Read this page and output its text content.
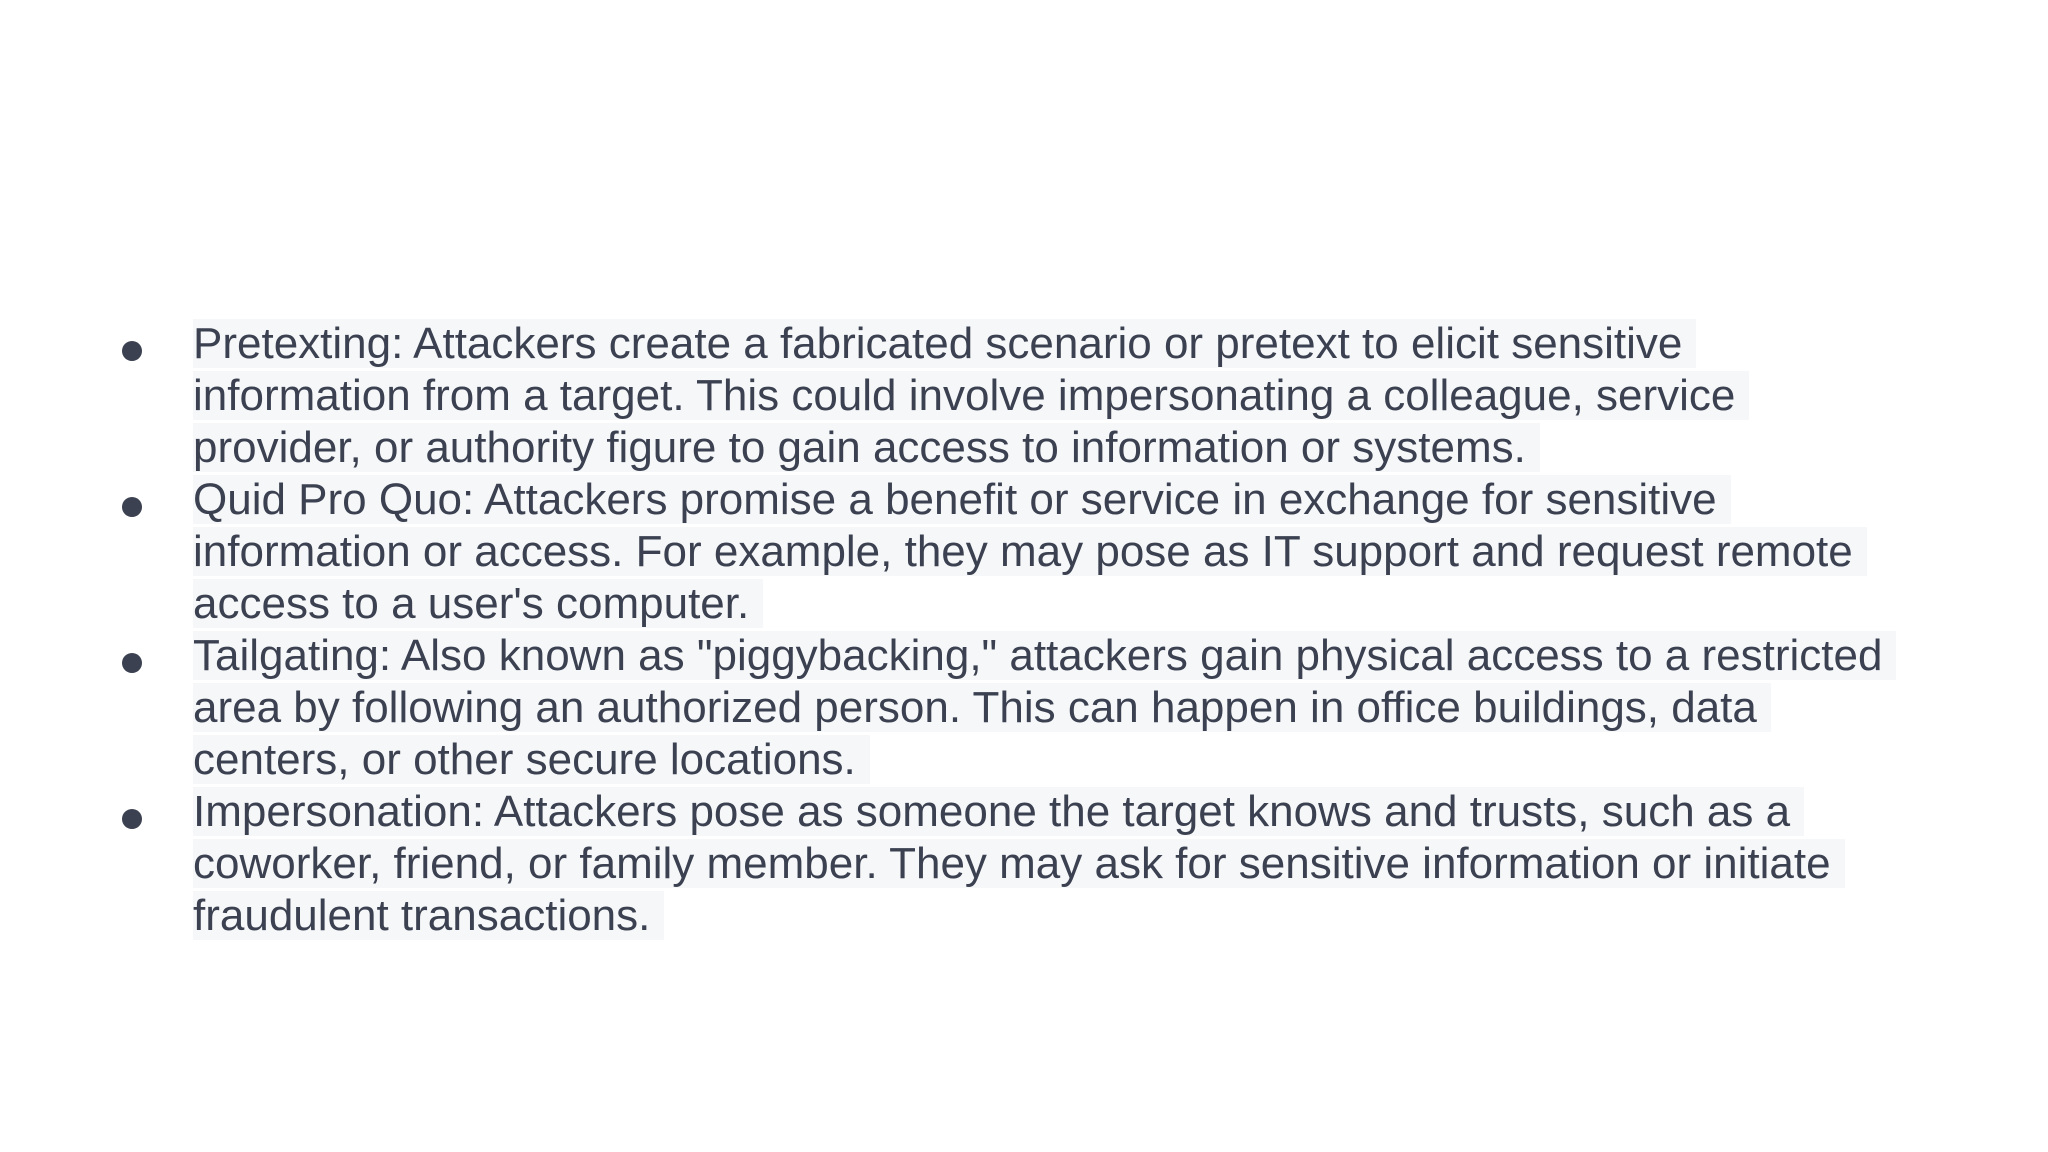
Pretexting: Attackers create a fabricated scenario or pretext to elicit sensitive
information from a target. This could involve impersonating a colleague, service
provider, or authority figure to gain access to information or systems.
Quid Pro Quo: Attackers promise a benefit or service in exchange for sensitive
information or access. For example, they may pose as IT support and request remote
access to a user's computer.
Tailgating: Also known as "piggybacking," attackers gain physical access to a restricted
area by following an authorized person. This can happen in office buildings, data
centers, or other secure locations.
Impersonation: Attackers pose as someone the target knows and trusts, such as a
coworker, friend, or family member. They may ask for sensitive information or initiate
fraudulent transactions.
